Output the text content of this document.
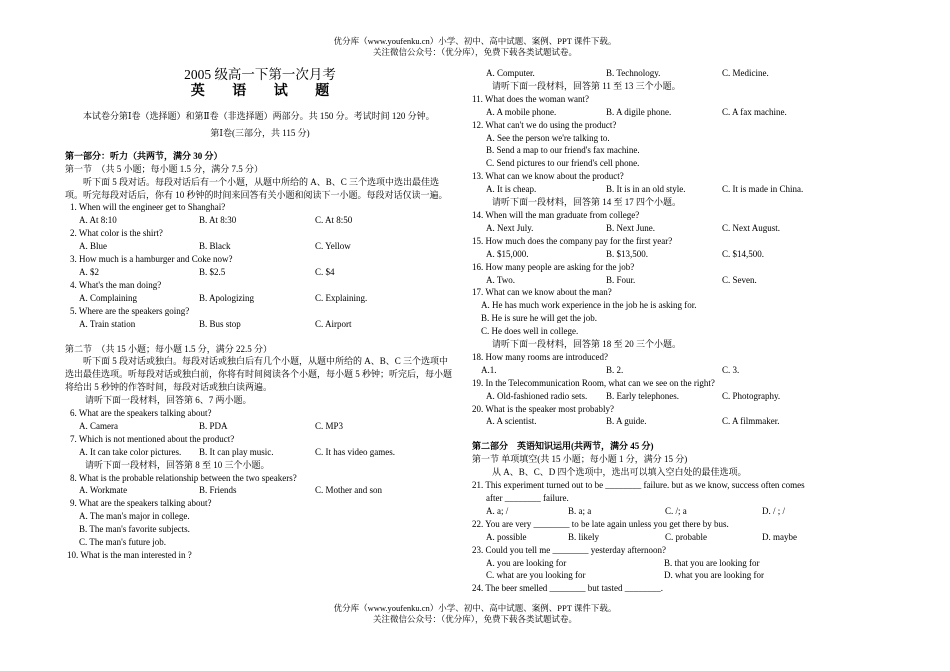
优分库（www.youfenku.cn）小学、初中、高中试题、案例、PPT 课件下载。
关注微信公众号：（优分库），免费下载各类试题试卷。
2005 级高一下第一次月考
英 语 试 题
本试卷分第Ⅰ卷（选择题）和第Ⅱ卷（非选择题）两部分。共 150 分。考试时间 120 分钟。
第Ⅰ卷(三部分，共 115 分)
第一部分：听力（共两节，满分 30 分）
第一节　（共 5 小题；每小题 1.5 分，满分 7.5 分）
听下面 5 段对话。每段对话后有一个小题，从题中所给的 A、B、C 三个选项中选出最佳选项。听完每段对话后，你有 10 秒钟的时间来回答有关小题和阅读下一小题。每段对话仅读一遍。
1. When will the engineer get to Shanghai?
A. At 8:10	B. At 8:30	C. At 8:50
2. What color is the shirt?
A. Blue	B. Black	C. Yellow
3. How much is a hamburger and Coke now?
A. $2	B. $2.5	C. $4
4. What's the man doing?
A. Complaining	B. Apologizing	C. Explaining.
5. Where are the speakers going?
A. Train station	B. Bus stop	C. Airport
第二节　（共 15 小题；每小题 1.5 分，满分 22.5 分）
听下面 5 段对话或独白。每段对话或独白后有几个小题，从题中所给的 A、B、C 三个选项中选出最佳选项。听每段对话或独白前，你将有时间阅读各个小题，每小题 5 秒钟；听完后，每小题将给出 5 秒钟的作答时间，每段对话或独白读两遍。
请听下面一段材料，回答第 6、7 两小题。
6. What are the speakers talking about?
A. Camera	B. PDA	C. MP3
7. Which is not mentioned about the product?
A. It can take color pictures.	B. It can play music.	C. It has video games.
请听下面一段材料，回答第 8 至 10 三个小题。
8. What is the probable relationship between the two speakers?
A. Workmate	B. Friends	C. Mother and son
9. What are the speakers talking about?
A. The man's major in college.
B. The man's favorite subjects.
C. The man's future job.
10. What is the man interested in ?
A. Computer.	B. Technology.	C. Medicine.
请听下面一段材料，回答第 11 至 13 三个小题。
11. What does the woman want?
A. A mobile phone.	B. A digile phone.	C. A fax machine.
12. What can't we do using the product?
A. See the person we're talking to.
B. Send a map to our friend's fax machine.
C. Send pictures to our friend's cell phone.
13. What can we know about the product?
A. It is cheap.	B. It is in an old style.	C. It is made in China.
请听下面一段材料，回答第 14 至 17 四个小题。
14. When will the man graduate from college?
A. Next July.	B. Next June.	C. Next August.
15. How much does the company pay for the first year?
A. $15,000.	B. $13,500.	C. $14,500.
16. How many people are asking for the job?
A. Two.	B. Four.	C. Seven.
17. What can we know about the man?
A. He has much work experience in the job he is asking for.
B. He is sure he will get the job.
C. He does well in college.
请听下面一段材料，回答第 18 至 20 三个小题。
18. How many rooms are introduced?
A.1.	B. 2.	C. 3.
19. In the Telecommunication Room, what can we see on the right?
A. Old-fashioned radio sets.	B. Early telephones.	C. Photography.
20. What is the speaker most probably?
A. A scientist.	B. A guide.	C. A filmmaker.
第二部分　英语知识运用(共两节，满分 45 分)
第一节 单项填空(共 15 小题；每小题 1 分，满分 15 分)
从 A、B、C、D 四个选项中，选出可以填入空白处的最佳选项。
21. This experiment turned out to be ________ failure. but as we know, success often comes
after ________ failure.
A. a; /	B. a; a	C. /; a	D. / ; /
22. You are very ________ to be late again unless you get there by bus.
A. possible	B. likely	C. probable	D. maybe
23. Could you tell me ________ yesterday afternoon?
A. you are looking for	B. that you are looking for
C. what are you looking for	D. what you are looking for
24. The beer smelled ________ but tasted ________.
优分库（www.youfenku.cn）小学、初中、高中试题、案例、PPT 课件下载。
关注微信公众号：（优分库），免费下载各类试题试卷。
